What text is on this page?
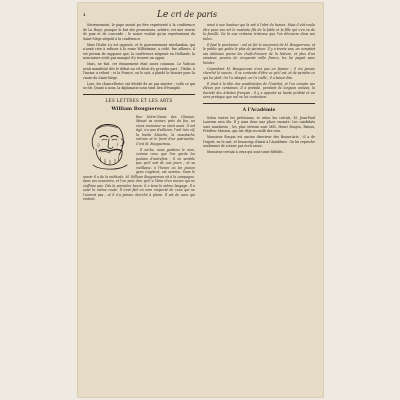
4	Le cri de paris

Sérieusement, le pape aurait pu être représenté à la conférence de La Haye, puisque le but des promoteurs, arbitre, est une œuvre de paix et de concorde ; le nonce voulait qu'un représentant du Saint-Siège siégeât à la conférence.

Mais l'Italie s'y est opposée, et le gouvernement néerlandais, qui n'avait rien à refuser à la reine Wilhelmine, a cédé. Par ailleurs, il est permis de supposer que, la conférence siégeant en Hollande, la nonciature n'eût pas manqué d'y trouver un appui.

Mais, ne fait, cet étonnement était assez commun. Le Vatican avait manifesté dès le début un vif désir d'y prendre part ; l'Italie, à l'instar, a refusé ; et la France, on le sait, a plaidé le dossier pour la cause du Saint-Siège.

Lors, les chancelleries ont décidé de ne pas insister ; voilà ce qui se dit. Quant à nous, la diplomatie nous tient lieu d'évangile.

LES LETTRES ET LES ARTS
William Bouguereau

Rue Notre-Dame des Champs. Minuit va sonner, près du feu, un vieux monsieur se tient assis. Il est âgé, n'a pas d'ailleurs, l'œil très vif, la barbe blanche, la moustache relevée et le front d'un patriarche. C'est M. Bouguereau.

Il sèche, nous gardons le nom, comme ceux que l'on garde les poésies d'autrefois ; il ne semble pas qu'il soit de nos jours ; et sa vieillesse, à l'heure où les jeunes gens s'agitent, est sereine. Sans le savoir il a de la méthode. M. William Bouguereau vit à la campagne, dans ses souvenirs, et l'on peut dire qu'il a l'âme d'un ancien qui ne s'effraie pas. Dès la première heure, il a tenu le même langage. Il a suivi la même route. Il s'est fait un nom respecté de ceux qui ne l'aiment pas ; et il n'a jamais cherché à plaire. Il est de ceux qui restent.

aimé à une hauteur qui la mit à l'abri du besoin. Mais il eût voulu être pour son art le modeste fils de la fable et la fille qui s'en va de la famille. De là une certaine tristesse que l'on découvre dans ses toiles.

Il faut le proclamer : nul ne fut le souverain de M. Bouguereau, et le public qui goûte le plus de peinture. Il y a trente ans, on comptait ses tableaux parmi les chefs-d'œuvre de la Nature, et plus d'un amateur, pourvu de cinquante mille francs, les lui payait sans hésiter.

Cependant M. Bouguereau n'est pas un faiseur ; il n'a jamais cherché le succès ; il se contente d'être ce qu'il est, et de peindre ce qui lui plaît. On l'a attaqué, on l'a raillé ; il a laissé dire.

Il était à la tête des académistes de l'Institut, et l'on compte ses élèves par centaines. Il a présidé, pendant de longues années, la Société des Artistes français ; il y a apporté sa haute probité et un sens pratique que nul ne lui contestera.

A l'Académie

Selon toutes les prévisions, et selon les calculs, M. Jean-Paul Laurens sera élu. Il y aura donc une place vacante. Les candidats sont nombreux ; les plus sérieux sont MM. Henri Roujon, Brieux, Frédéric Masson, qui ont déjà recueilli des voix.

Monsieur Roujon est ancien directeur des Beaux-Arts ; il a de l'esprit, on le sait, et beaucoup d'amis à l'Académie. On lui reproche seulement de n'avoir pas écrit assez.

Monsieur certain à ceux qui sont toute fidélité...
